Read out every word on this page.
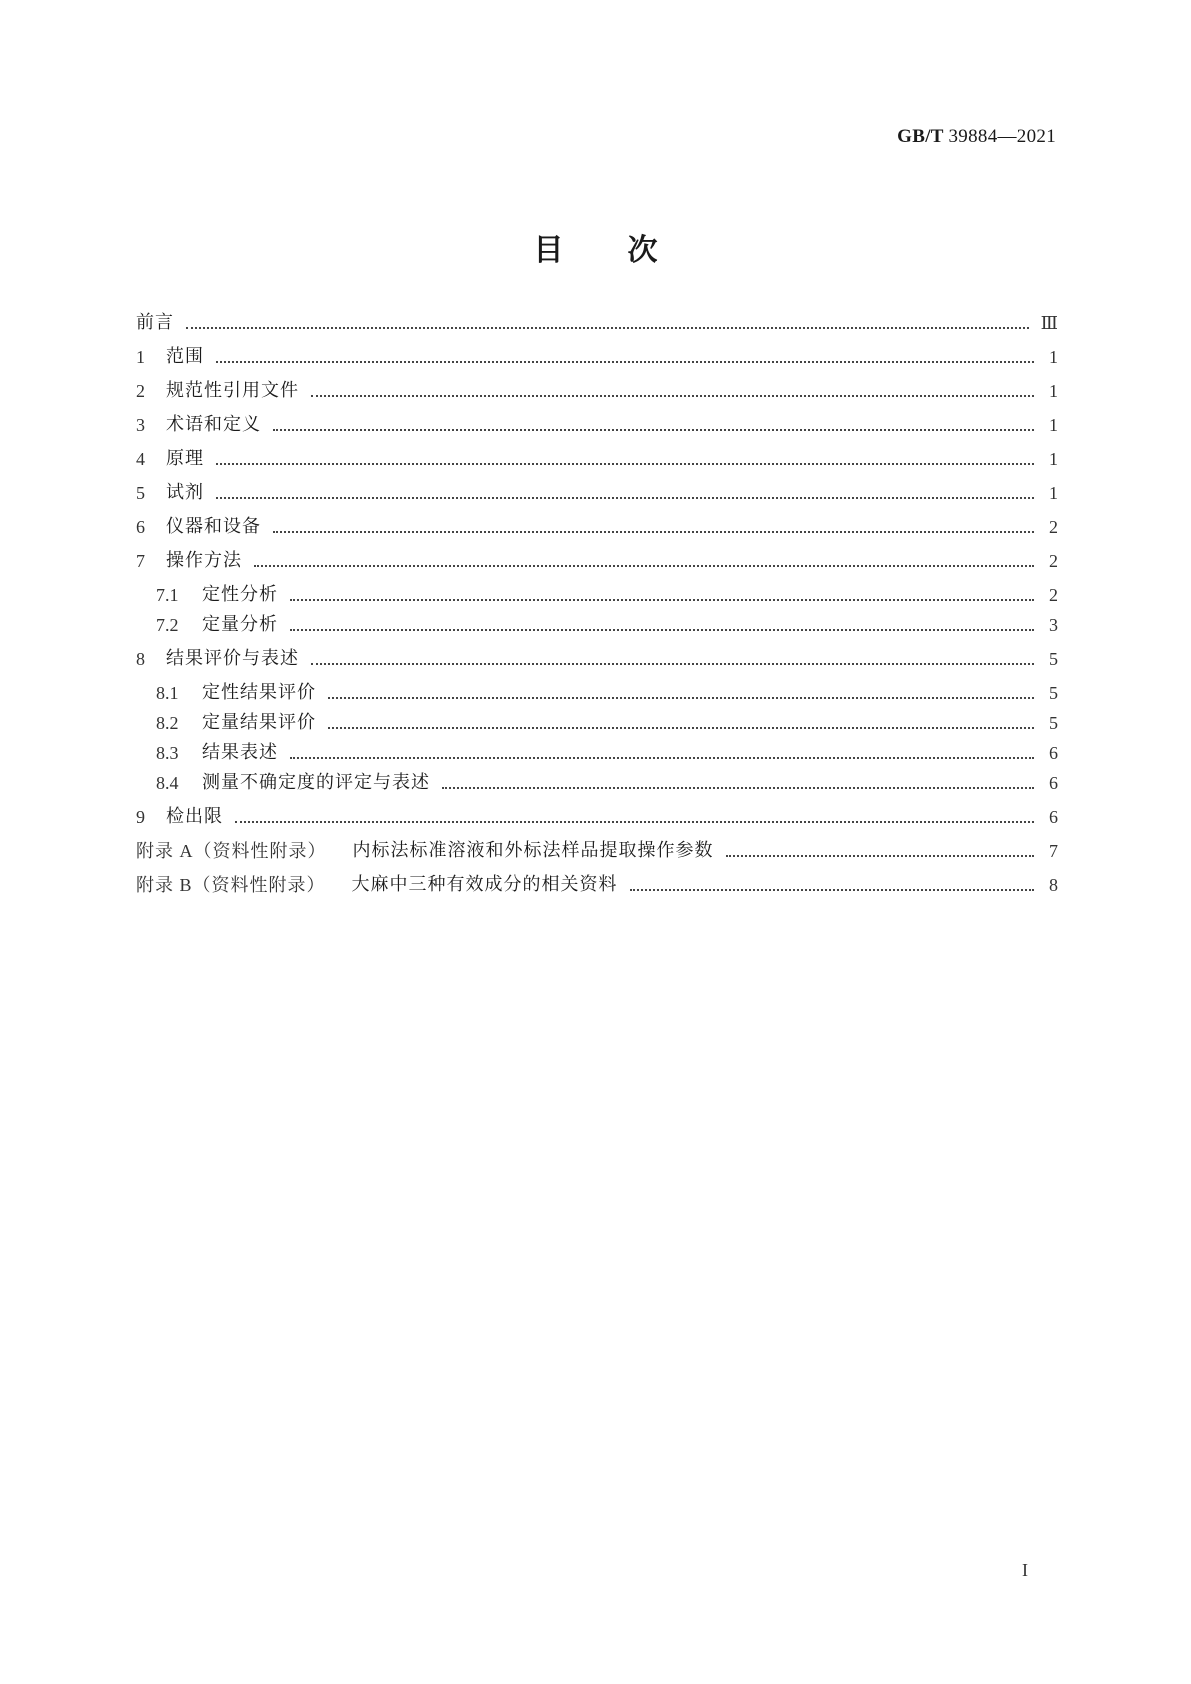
GB/T 39884—2021
目 次
前言	Ⅲ
1	范围	1
2	规范性引用文件	1
3	术语和定义	1
4	原理	1
5	试剂	1
6	仪器和设备	2
7	操作方法	2
7.1	定性分析	2
7.2	定量分析	3
8	结果评价与表述	5
8.1	定性结果评价	5
8.2	定量结果评价	5
8.3	结果表述	6
8.4	测量不确定度的评定与表述	6
9	检出限	6
附录 A（资料性附录） 内标法标准溶液和外标法样品提取操作参数	7
附录 B（资料性附录） 大麻中三种有效成分的相关资料	8
I
